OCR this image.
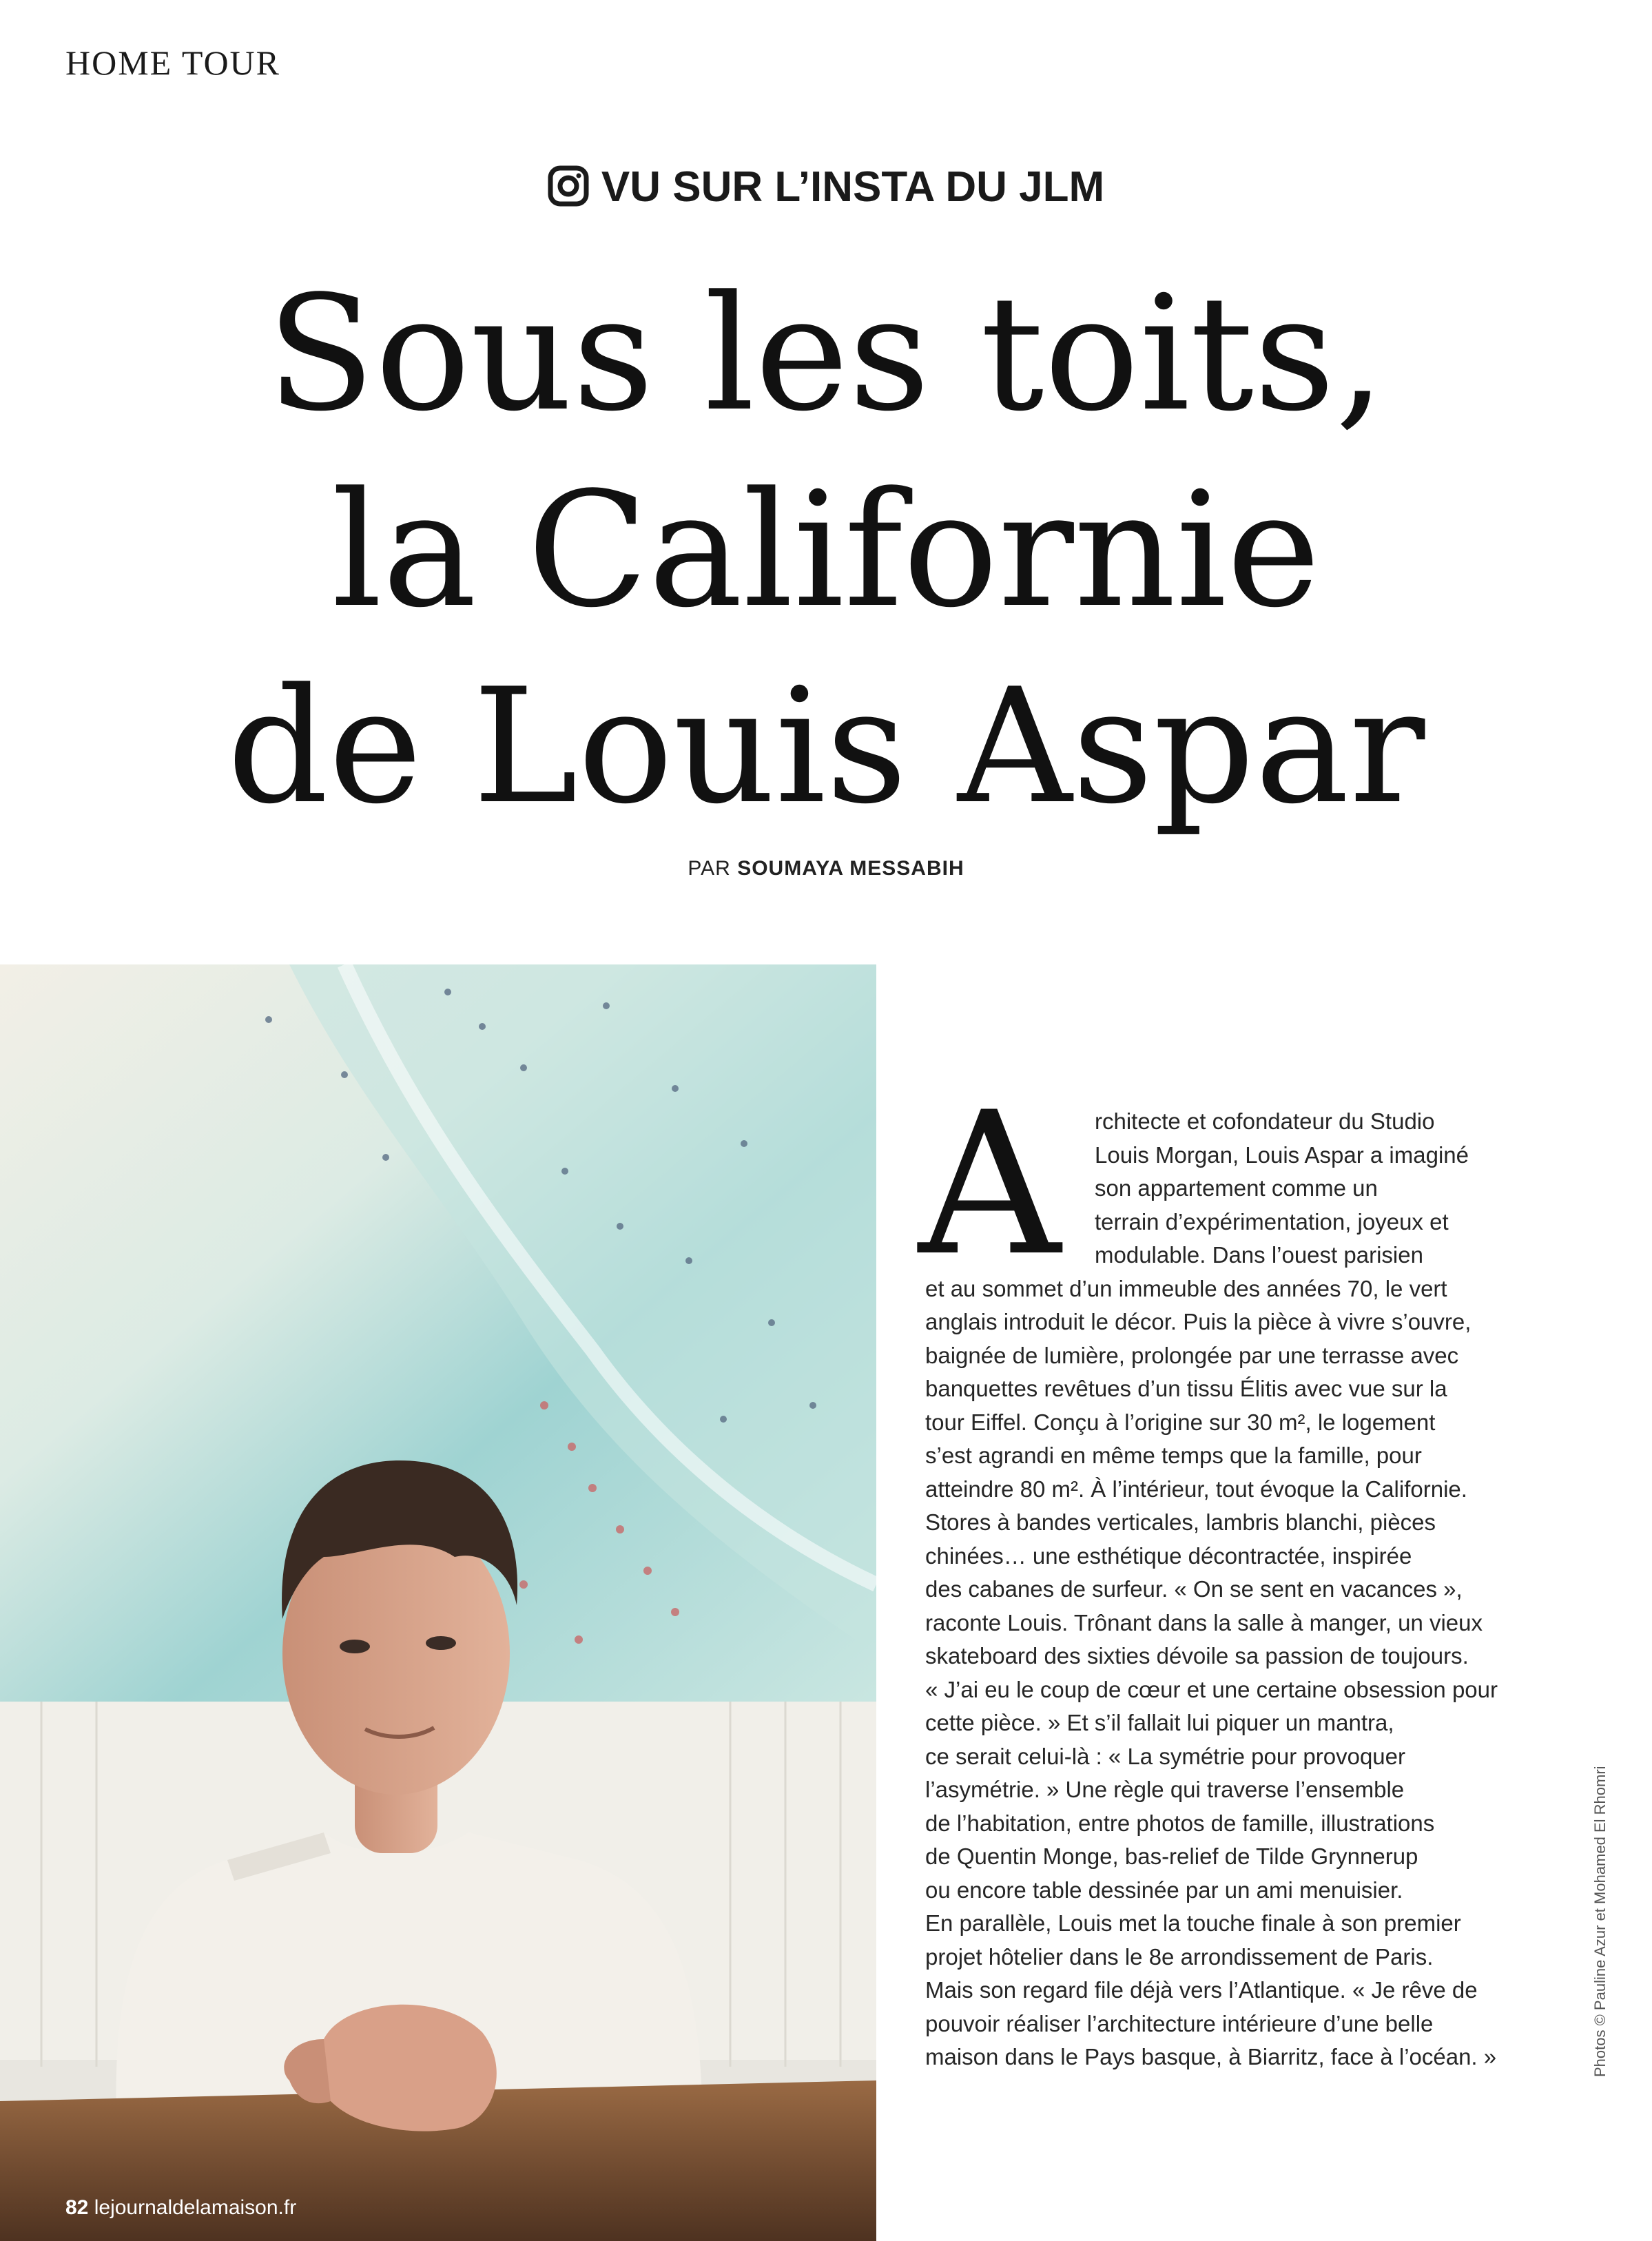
HOME TOUR
VU SUR L’INSTA DU JLM
Sous les toits,
la Californie
de Louis Aspar
PAR SOUMAYA MESSABIH
A	rchitecte et cofondateur du Studio
Louis Morgan, Louis Aspar a imaginé
son appartement comme un
terrain d’expérimentation, joyeux et
modulable. Dans l’ouest parisien
et au sommet d’un immeuble des années 70, le vert
anglais introduit le décor. Puis la pièce à vivre s’ouvre,
baignée de lumière, prolongée par une terrasse avec
banquettes revêtues d’un tissu Élitis avec vue sur la
tour Eiffel. Conçu à l’origine sur 30 m², le logement
s’est agrandi en même temps que la famille, pour
atteindre 80 m². À l’intérieur, tout évoque la Californie.
Stores à bandes verticales, lambris blanchi, pièces
chinées… une esthétique décontractée, inspirée
des cabanes de surfeur. « On se sent en vacances »,
raconte Louis. Trônant dans la salle à manger, un vieux
skateboard des sixties dévoile sa passion de toujours.
« J’ai eu le coup de cœur et une certaine obsession pour
cette pièce. » Et s’il fallait lui piquer un mantra,
ce serait celui-là : « La symétrie pour provoquer
l’asymétrie. » Une règle qui traverse l’ensemble
de l’habitation, entre photos de famille, illustrations
de Quentin Monge, bas-relief de Tilde Grynnerup
ou encore table dessinée par un ami menuisier.
En parallèle, Louis met la touche finale à son premier
projet hôtelier dans le 8e arrondissement de Paris.
Mais son regard file déjà vers l’Atlantique. « Je rêve de
pouvoir réaliser l’architecture intérieure d’une belle
maison dans le Pays basque, à Biarritz, face à l’océan. »	Photos © Pauline Azur et Mohamed El Rhomri
82 lejournaldelamaison.fr
